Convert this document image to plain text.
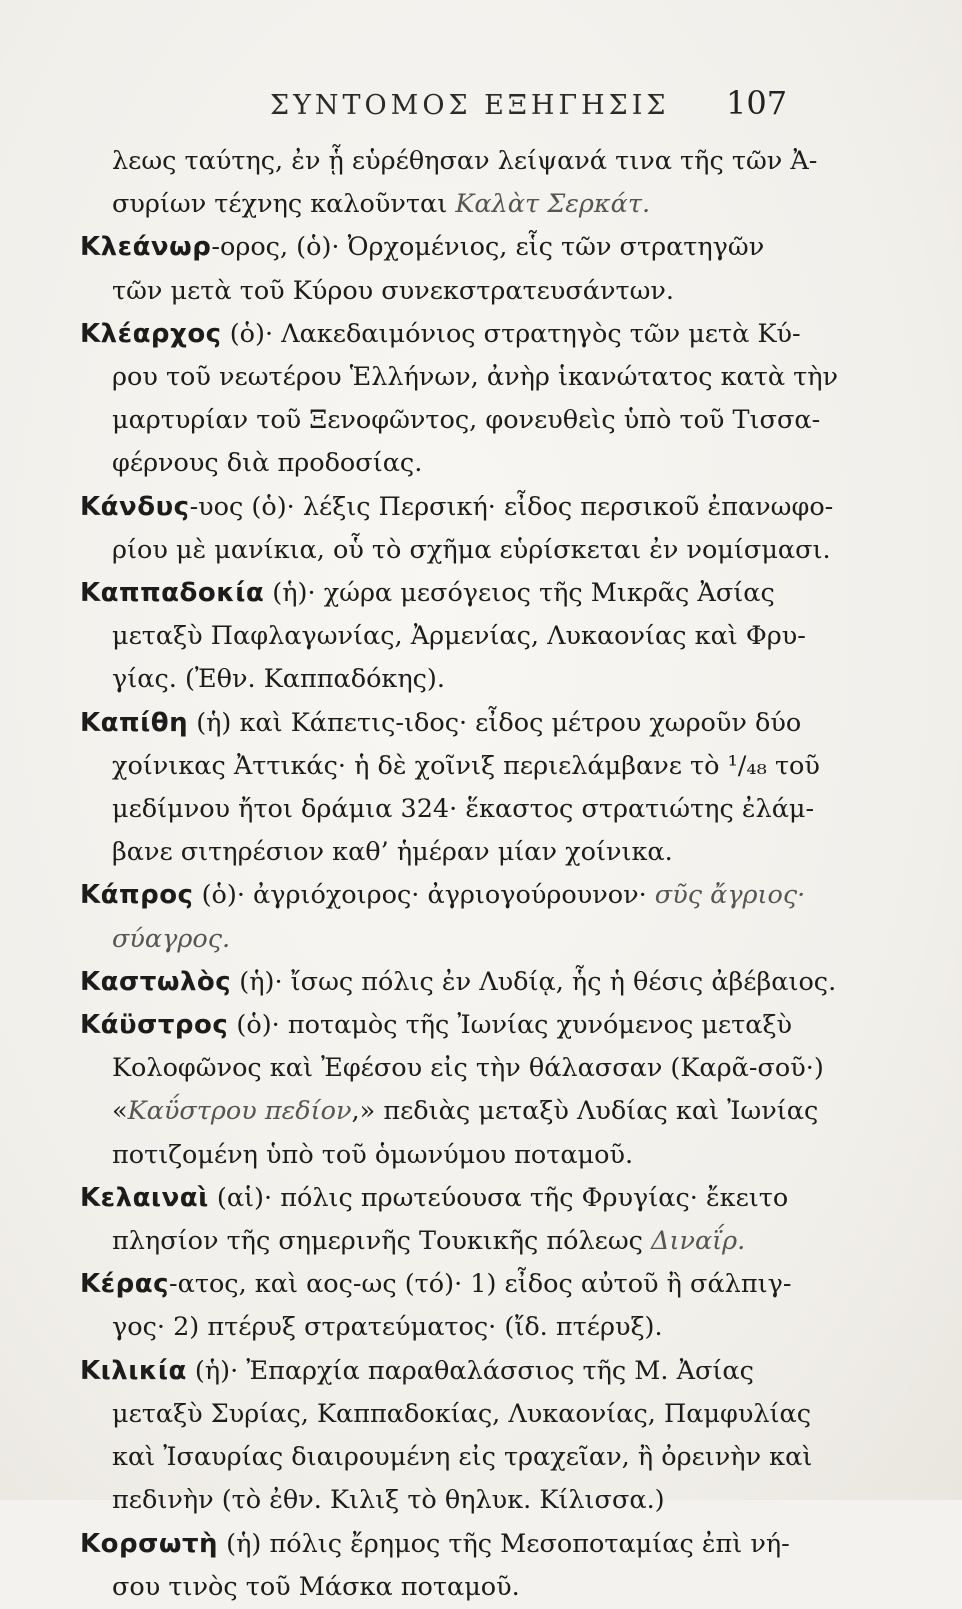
ΣΥΝΤΟΜΟΣ ΕΞΗΓΗΣΙΣ 107
λεως ταύτης, ἐν ᾗ εὑρέθησαν λείψανά τινα τῆς τῶν Ἀ-
συρίων τέχνης καλοῦνται Καλὰτ Σερκάτ.
Κλεάνωρ-ορος, (ὁ)· Ὀρχομένιος, εἷς τῶν στρατηγῶν
τῶν μετὰ τοῦ Κύρου συνεκστρατευσάντων.
Κλέαρχος (ὁ)· Λακεδαιμόνιος στρατηγὸς τῶν μετὰ Κύ-
ρου τοῦ νεωτέρου Ἑλλήνων, ἀνὴρ ἱκανώτατος κατὰ τὴν
μαρτυρίαν τοῦ Ξενοφῶντος, φονευθεὶς ὑπὸ τοῦ Τισσα-
φέρνους διὰ προδοσίας.
Κάνδυς-υος (ὁ)· λέξις Περσική· εἶδος περσικοῦ ἐπανωφο-
ρίου μὲ μανίκια, οὗ τὸ σχῆμα εὑρίσκεται ἐν νομίσμασι.
Καππαδοκία (ἡ)· χώρα μεσόγειος τῆς Μικρᾶς Ἀσίας
μεταξὺ Παφλαγωνίας, Ἀρμενίας, Λυκαονίας καὶ Φρυ-
γίας. (Ἐθν. Καππαδόκης).
Καπίθη (ἡ) καὶ Κάπετις-ιδος· εἶδος μέτρου χωροῦν δύο
χοίνικας Ἀττικάς· ἡ δὲ χοῖνιξ περιελάμβανε τὸ ¹/₄₈ τοῦ
μεδίμνου ἤτοι δράμια 324· ἕκαστος στρατιώτης ἐλάμ-
βανε σιτηρέσιον καθ’ ἡμέραν μίαν χοίνικα.
Κάπρος (ὁ)· ἀγριόχοιρος· ἀγριογούρουνον· σῦς ἄγριος·
σύαγρος.
Καστωλὸς (ἡ)· ἴσως πόλις ἐν Λυδίᾳ, ἧς ἡ θέσις ἀβέβαιος.
Κάϋστρος (ὁ)· ποταμὸς τῆς Ἰωνίας χυνόμενος μεταξὺ
Κολοφῶνος καὶ Ἐφέσου εἰς τὴν θάλασσαν (Καρᾶ-σοῦ·)
«Καΰστρου πεδίον,» πεδιὰς μεταξὺ Λυδίας καὶ Ἰωνίας
ποτιζομένη ὑπὸ τοῦ ὁμωνύμου ποταμοῦ.
Κελαιναὶ (αἱ)· πόλις πρωτεύουσα τῆς Φρυγίας· ἔκειτο
πλησίον τῆς σημερινῆς Τουκικῆς πόλεως Διναΐρ.
Κέρας-ατος, καὶ αος-ως (τό)· 1) εἶδος αὐτοῦ ἢ σάλπιγ-
γος· 2) πτέρυξ στρατεύματος· (ἴδ. πτέρυξ).
Κιλικία (ἡ)· Ἐπαρχία παραθαλάσσιος τῆς Μ. Ἀσίας
μεταξὺ Συρίας, Καππαδοκίας, Λυκαονίας, Παμφυλίας
καὶ Ἰσαυρίας διαιρουμένη εἰς τραχεῖαν, ἢ ὀρεινὴν καὶ
πεδινὴν (τὸ ἐθν. Κιλιξ τὸ θηλυκ. Κίλισσα.)
Κορσωτὴ (ἡ) πόλις ἔρημος τῆς Μεσοποταμίας ἐπὶ νή-
σου τινὸς τοῦ Μάσκα ποταμοῦ.
